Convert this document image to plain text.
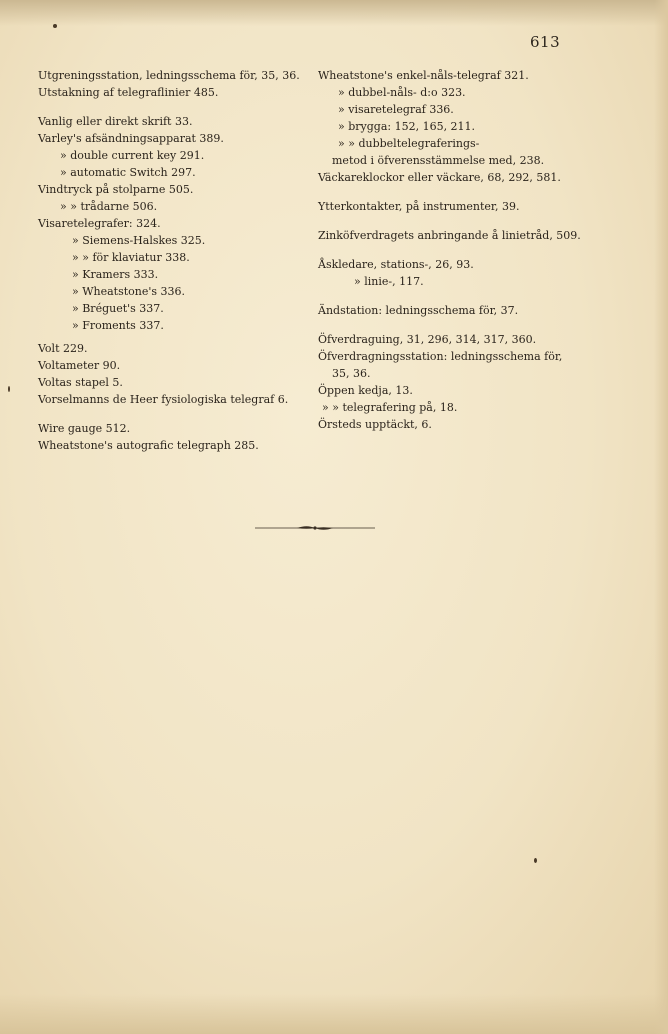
613
Utgreningsstation, ledningsschema för, 35, 36.
Utstakning af telegraflinier 485.
Vanlig eller direkt skrift 33.
Varley's afsändningsapparat 389.
» double current key 291.
» automatic Switch 297.
Vindtryck på stolparne 505.
» » trådarne 506.
Visaretelegrafer: 324.
» Siemens-Halskes 325.
» » för klaviatur 338.
» Kramers 333.
» Wheatstone's 336.
» Bréguet's 337.
» Froments 337.
Volt 229.
Voltameter 90.
Voltas stapel 5.
Vorselmanns de Heer fysiologiska telegraf 6.
Wire gauge 512.
Wheatstone's autografic telegraph 285.
Wheatstone's enkel-nåls-telegraf 321.
» dubbel-nåls- d:o 323.
» visaretelegraf 336.
» brygga: 152, 165, 211.
» » dubbeltelegraferings-
metod i öfverensstämmelse med, 238.
Väckareklockor eller väckare, 68, 292, 581.
Ytterkontakter, på instrumenter, 39.
Zinköfverdragets anbringande å linietråd, 509.
Åskledare, stations-, 26, 93.
» linie-, 117.
Ändstation: ledningsschema för, 37.
Öfverdraguing, 31, 296, 314, 317, 360.
Öfverdragningsstation: ledningsschema för,
35, 36.
Öppen kedja, 13.
» » telegrafering på, 18.
Örsteds upptäckt, 6.
